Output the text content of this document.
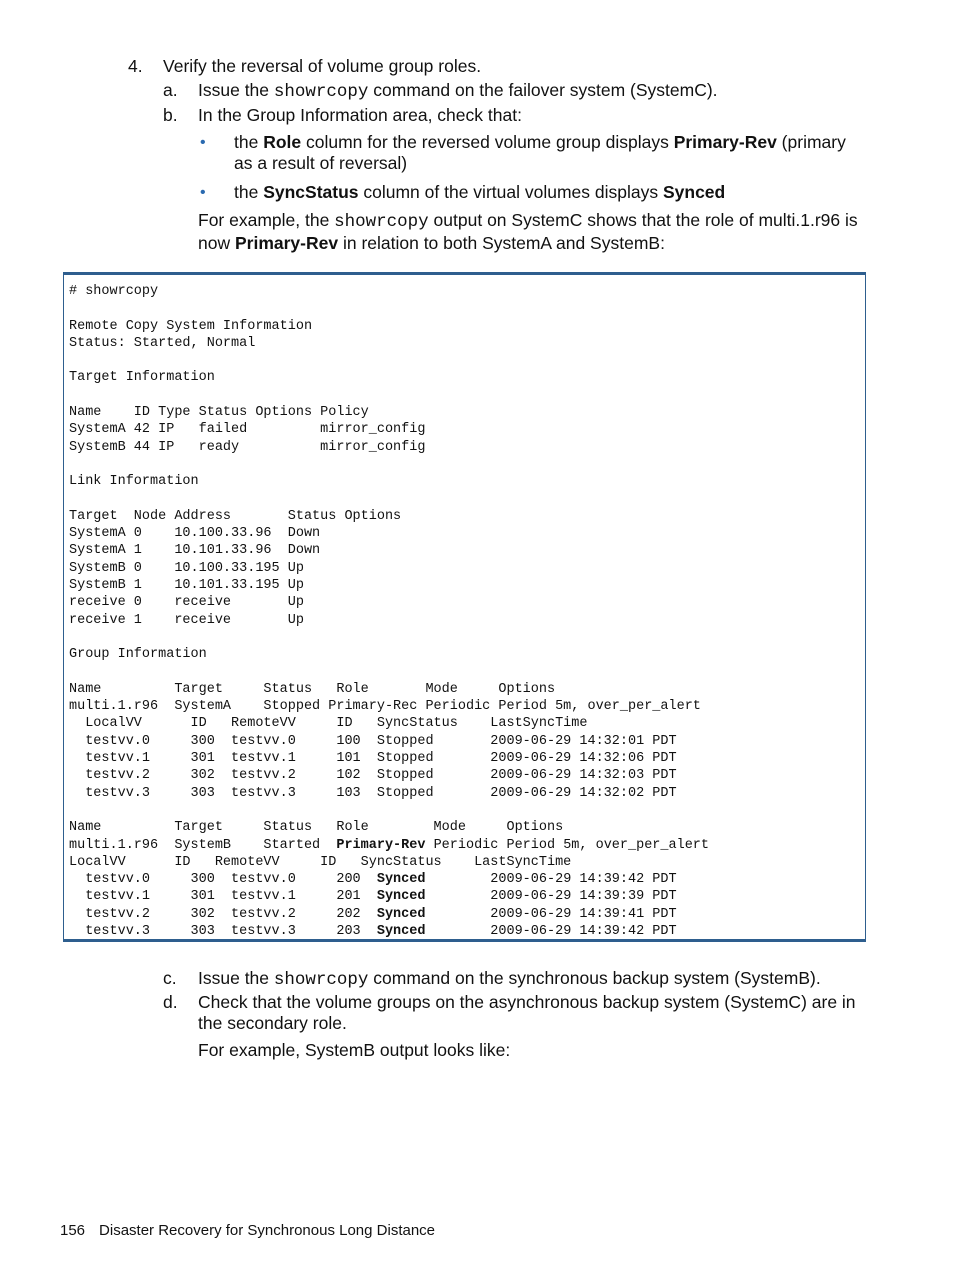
4. Verify the reversal of volume group roles.
a. Issue the showrcopy command on the failover system (SystemC).
b. In the Group Information area, check that:
• the Role column for the reversed volume group displays Primary-Rev (primary as a result of reversal)
• the SyncStatus column of the virtual volumes displays Synced
For example, the showrcopy output on SystemC shows that the role of multi.1.r96 is now Primary-Rev in relation to both SystemA and SystemB:
# showrcopy
Remote Copy System Information
Status: Started, Normal
Target Information
Name    ID Type Status Options Policy
SystemA 42 IP   failed         mirror_config
SystemB 44 IP   ready          mirror_config
Link Information
Target  Node Address       Status Options
SystemA 0    10.100.33.96  Down
SystemA 1    10.101.33.96  Down
SystemB 0    10.100.33.195 Up
SystemB 1    10.101.33.195 Up
receive 0    receive       Up
receive 1    receive       Up
Group Information
Name         Target     Status   Role       Mode     Options
multi.1.r96  SystemA    Stopped Primary-Rec Periodic Period 5m, over_per_alert
LocalVV      ID   RemoteVV     ID   SyncStatus    LastSyncTime
testvv.0     300  testvv.0     100  Stopped       2009-06-29 14:32:01 PDT
testvv.1     301  testvv.1     101  Stopped       2009-06-29 14:32:06 PDT
testvv.2     302  testvv.2     102  Stopped       2009-06-29 14:32:03 PDT
testvv.3     303  testvv.3     103  Stopped       2009-06-29 14:32:02 PDT
Name         Target     Status   Role        Mode     Options
multi.1.r96  SystemB    Started  Primary-Rev Periodic Period 5m, over_per_alert
LocalVV      ID   RemoteVV     ID   SyncStatus    LastSyncTime
testvv.0     300  testvv.0     200  Synced        2009-06-29 14:39:42 PDT
testvv.1     301  testvv.1     201  Synced        2009-06-29 14:39:39 PDT
testvv.2     302  testvv.2     202  Synced        2009-06-29 14:39:41 PDT
testvv.3     303  testvv.3     203  Synced        2009-06-29 14:39:42 PDT
c. Issue the showrcopy command on the synchronous backup system (SystemB).
d. Check that the volume groups on the asynchronous backup system (SystemC) are in the secondary role.
For example, SystemB output looks like:
156 Disaster Recovery for Synchronous Long Distance
